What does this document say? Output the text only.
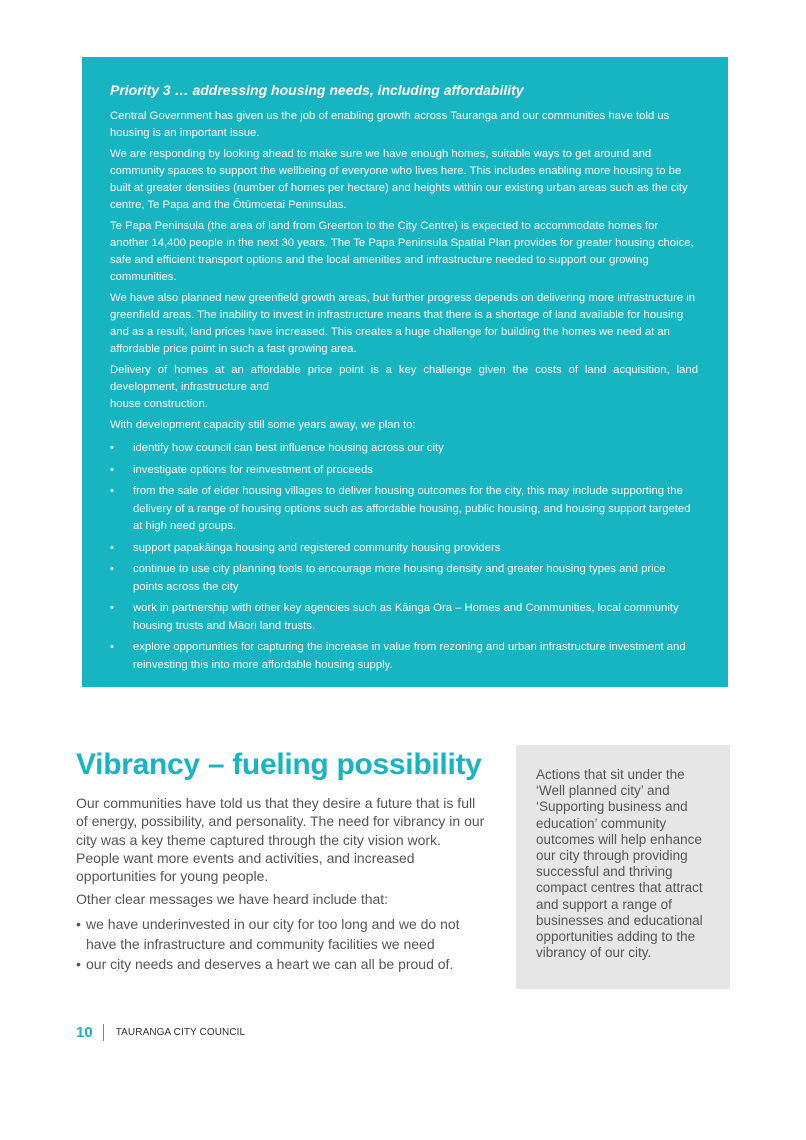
Priority 3 … addressing housing needs, including affordability

Central Government has given us the job of enabling growth across Tauranga and our communities have told us housing is an important issue.

We are responding by looking ahead to make sure we have enough homes, suitable ways to get around and community spaces to support the wellbeing of everyone who lives here. This includes enabling more housing to be built at greater densities (number of homes per hectare) and heights within our existing urban areas such as the city centre, Te Papa and the Ōtūmoetai Peninsulas.

Te Papa Peninsula (the area of land from Greerton to the City Centre) is expected to accommodate homes for another 14,400 people in the next 30 years. The Te Papa Peninsula Spatial Plan provides for greater housing choice, safe and efficient transport options and the local amenities and infrastructure needed to support our growing communities.

We have also planned new greenfield growth areas, but further progress depends on delivering more infrastructure in greenfield areas. The inability to invest in infrastructure means that there is a shortage of land available for housing and as a result, land prices have increased. This creates a huge challenge for building the homes we need at an affordable price point in such a fast growing area.

Delivery of homes at an affordable price point is a key challenge given the costs of land acquisition, land development, infrastructure and

house construction.

With development capacity still some years away, we plan to:

• identify how council can best influence housing across our city
• investigate options for reinvestment of proceeds
• from the sale of elder housing villages to deliver housing outcomes for the city, this may include supporting the delivery of a range of housing options such as affordable housing, public housing, and housing support targeted at high need groups.
• support papakāinga housing and registered community housing providers
• continue to use city planning tools to encourage more housing density and greater housing types and price points across the city
• work in partnership with other key agencies such as Kāinga Ora – Homes and Communities, local community housing trusts and Māori land trusts.
• explore opportunities for capturing the increase in value from rezoning and urban infrastructure investment and reinvesting this into more affordable housing supply.
Vibrancy – fueling possibility

Our communities have told us that they desire a future that is full of energy, possibility, and personality. The need for vibrancy in our city was a key theme captured through the city vision work. People want more events and activities, and increased opportunities for young people.

Other clear messages we have heard include that:

• we have underinvested in our city for too long and we do not have the infrastructure and community facilities we need
• our city needs and deserves a heart we can all be proud of.

Actions that sit under the ‘Well planned city’ and ‘Supporting business and education’ community outcomes will help enhance our city through providing successful and thriving compact centres that attract and support a range of businesses and educational opportunities adding to the vibrancy of our city.

10 TAURANGA CITY COUNCIL
